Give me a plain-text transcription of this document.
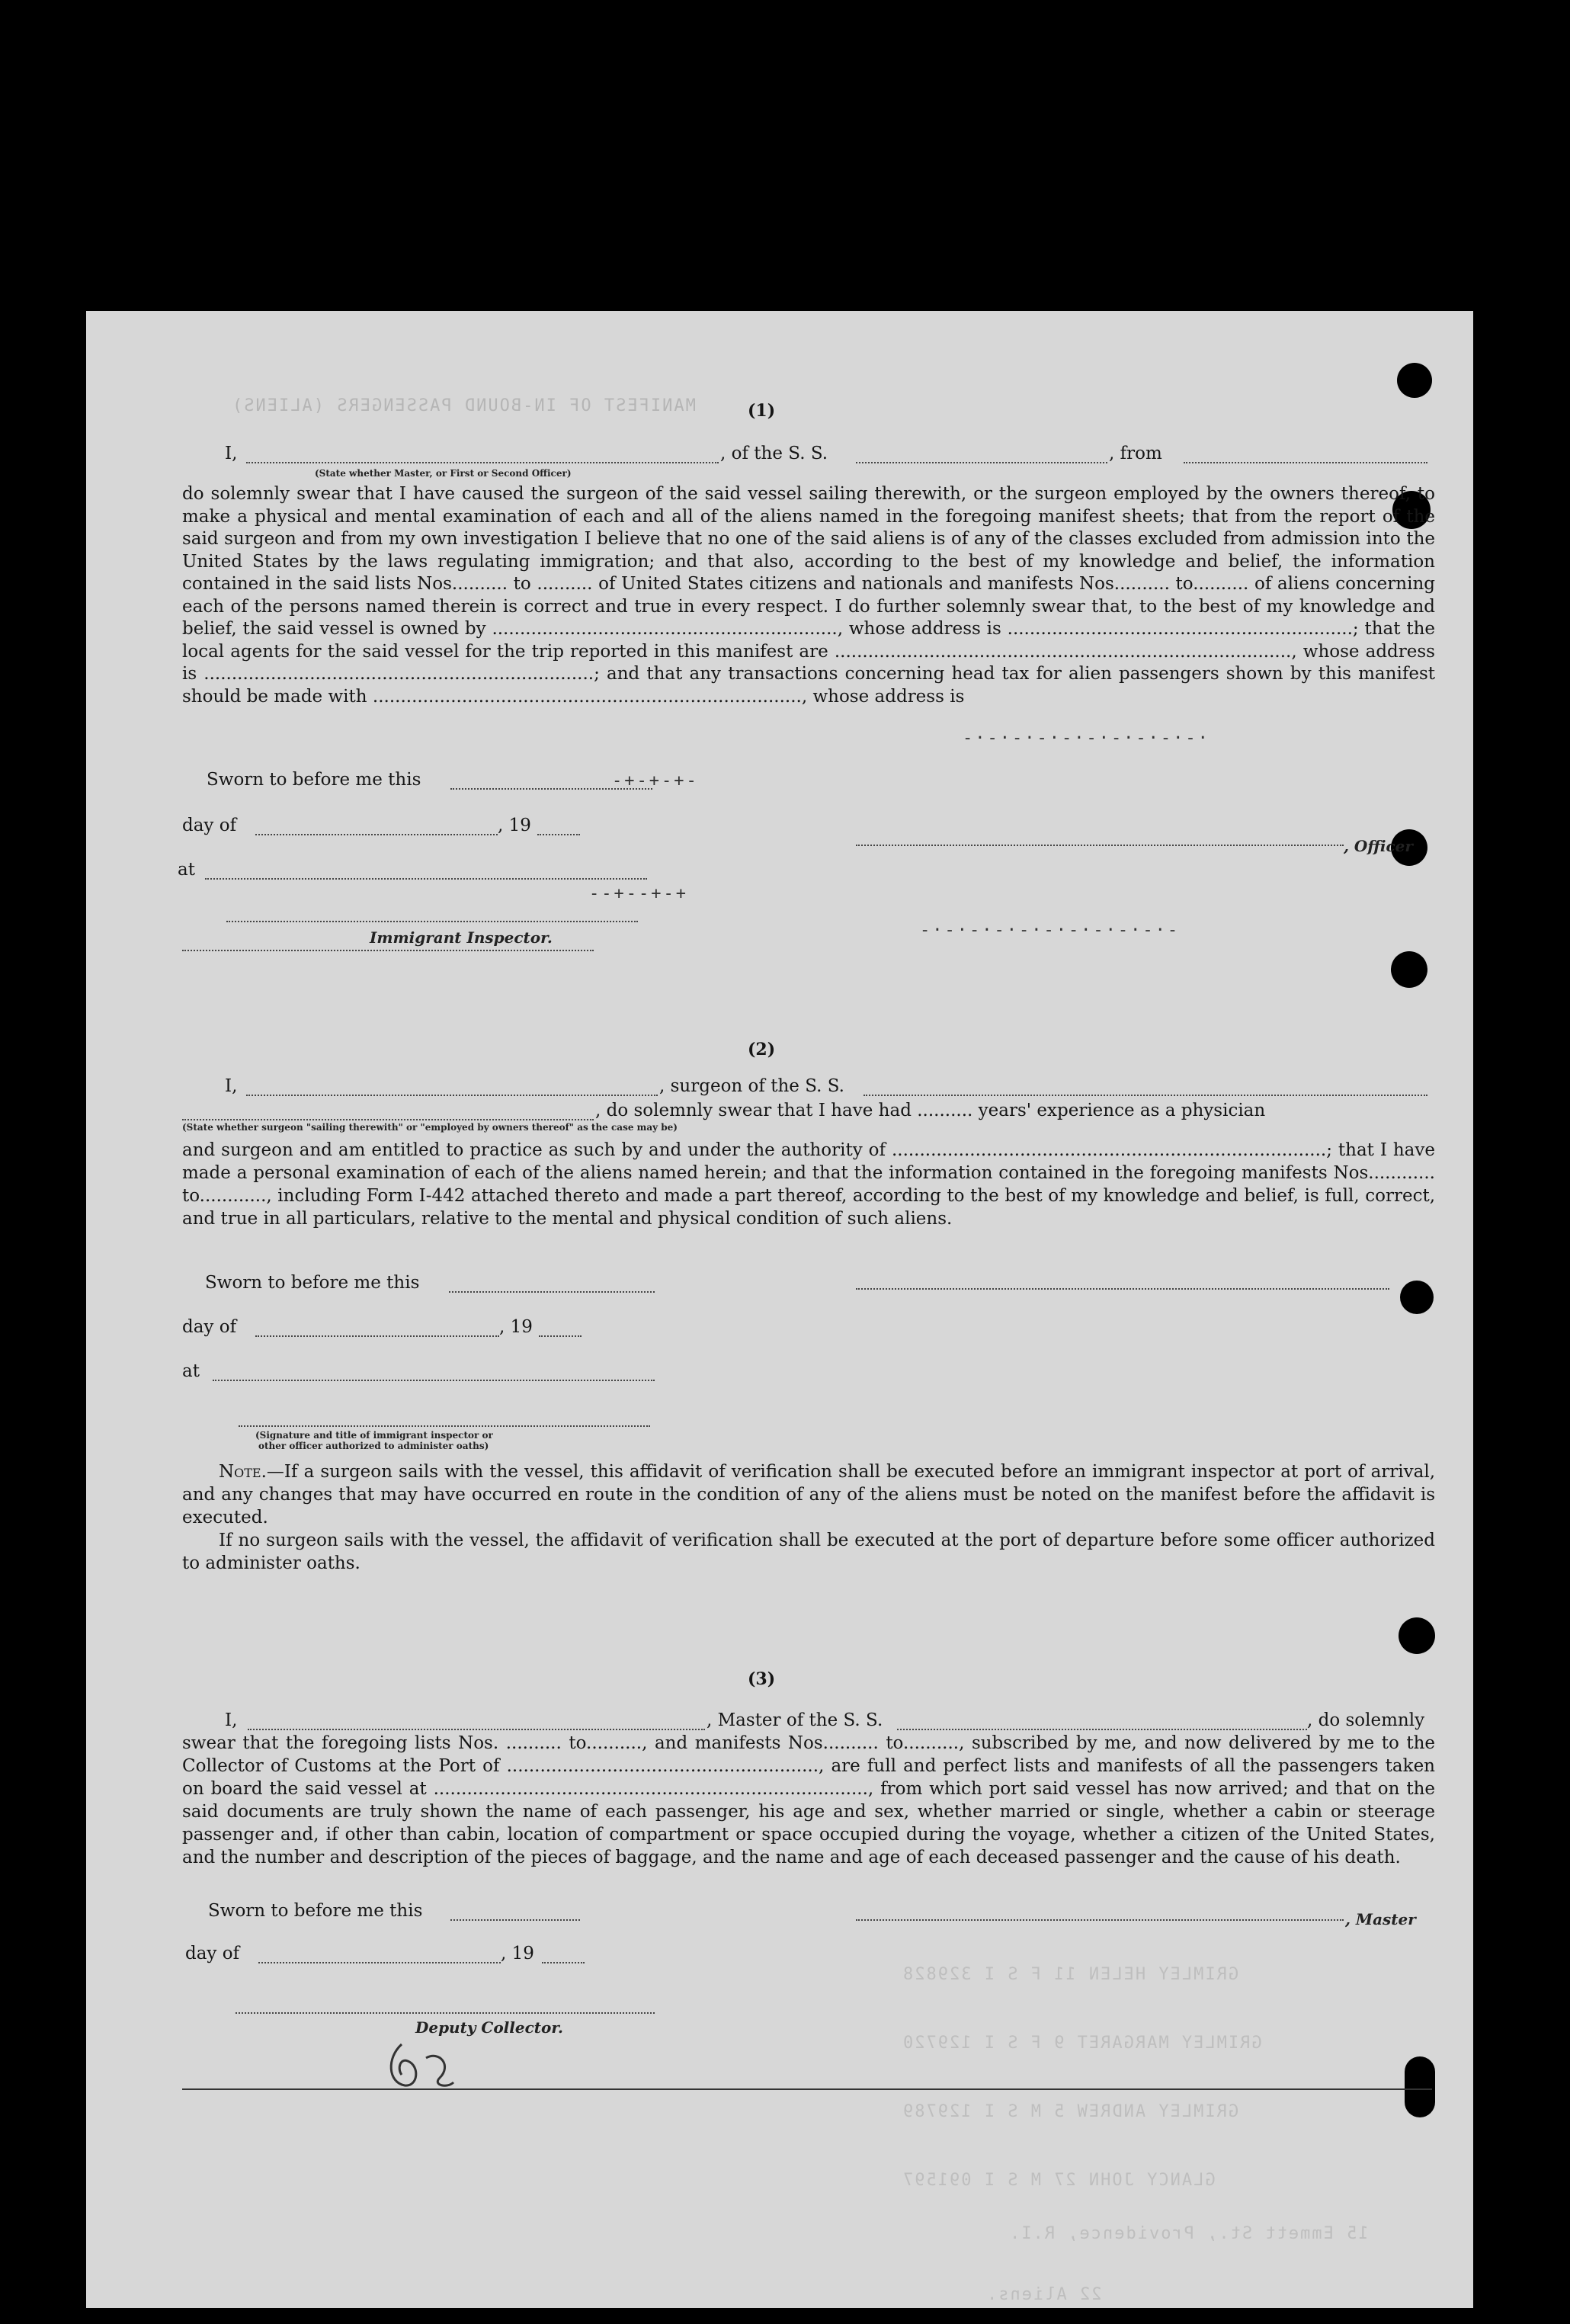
MANIFEST OF IN-BOUND PASSENGERS (ALIENS)
GRIMLEY HELEN 11 F S I 329828
GRIMLEY MARGARET 9 F S I 129720
GRIMLEY ANDREW 5 M S I 129789
GLANCY JOHN 27 M S I 091597
15 Emmett St., Providence, R.I.
22 Aliens.
(1)
I,	, of the S. S.	, from
(State whether Master, or First or Second Officer)
do solemnly swear that I have caused the surgeon of the said vessel sailing therewith, or the surgeon employed by the owners thereof, to make a physical and mental examination of each and all of the aliens named in the foregoing manifest sheets; that from the report of the said surgeon and from my own investigation I believe that no one of the said aliens is of any of the classes excluded from admission into the United States by the laws regulating immigration; and that also, according to the best of my knowledge and belief, the information contained in the said lists Nos.......... to .......... of United States citizens and nationals and manifests Nos.......... to.......... of aliens concerning each of the persons named therein is correct and true in every respect. I do further solemnly swear that, to the best of my knowledge and belief, the said vessel is owned by .............................................................., whose address is ..............................................................; that the local agents for the said vessel for the trip reported in this manifest are .................................................................................., whose address is ......................................................................; and that any transactions concerning head tax for alien passengers shown by this manifest should be made with ............................................................................., whose address is
-·-·-·-·-·-·-·-·-·-·
Sworn to before me this	-+-+-+-
day of	, 19
, Officer
at
--+--+-+
Immigrant Inspector.	-·-·-·-·-·-·-·-·-·-·-
(2)
I,	, surgeon of the S. S.
, do solemnly swear that I have had .......... years' experience as a physician
(State whether surgeon "sailing therewith" or "employed by owners thereof" as the case may be)
and surgeon and am entitled to practice as such by and under the authority of ..............................................................................; that I have made a personal examination of each of the aliens named herein; and that the information contained in the foregoing manifests Nos............ to............, including Form I-442 attached thereto and made a part thereof, according to the best of my knowledge and belief, is full, correct, and true in all particulars, relative to the mental and physical condition of such aliens.
Sworn to before me this
day of	, 19
at
(Signature and title of immigrant inspector or
other officer authorized to administer oaths)
Note.—If a surgeon sails with the vessel, this affidavit of verification shall be executed before an immigrant inspector at port of arrival, and any changes that may have occurred en route in the condition of any of the aliens must be noted on the manifest before the affidavit is executed.
If no surgeon sails with the vessel, the affidavit of verification shall be executed at the port of departure before some officer authorized to administer oaths.
(3)
I,	, Master of the S. S.	, do solemnly
swear that the foregoing lists Nos. .......... to.........., and manifests Nos.......... to.........., subscribed by me, and now delivered by me to the Collector of Customs at the Port of ........................................................, are full and perfect lists and manifests of all the passengers taken on board the said vessel at .............................................................................., from which port said vessel has now arrived; and that on the said documents are truly shown the name of each passenger, his age and sex, whether married or single, whether a cabin or steerage passenger and, if other than cabin, location of compartment or space occupied during the voyage, whether a citizen of the United States, and the number and description of the pieces of baggage, and the name and age of each deceased passenger and the cause of his death.
Sworn to before me this	, Master
day of	, 19
Deputy Collector.
